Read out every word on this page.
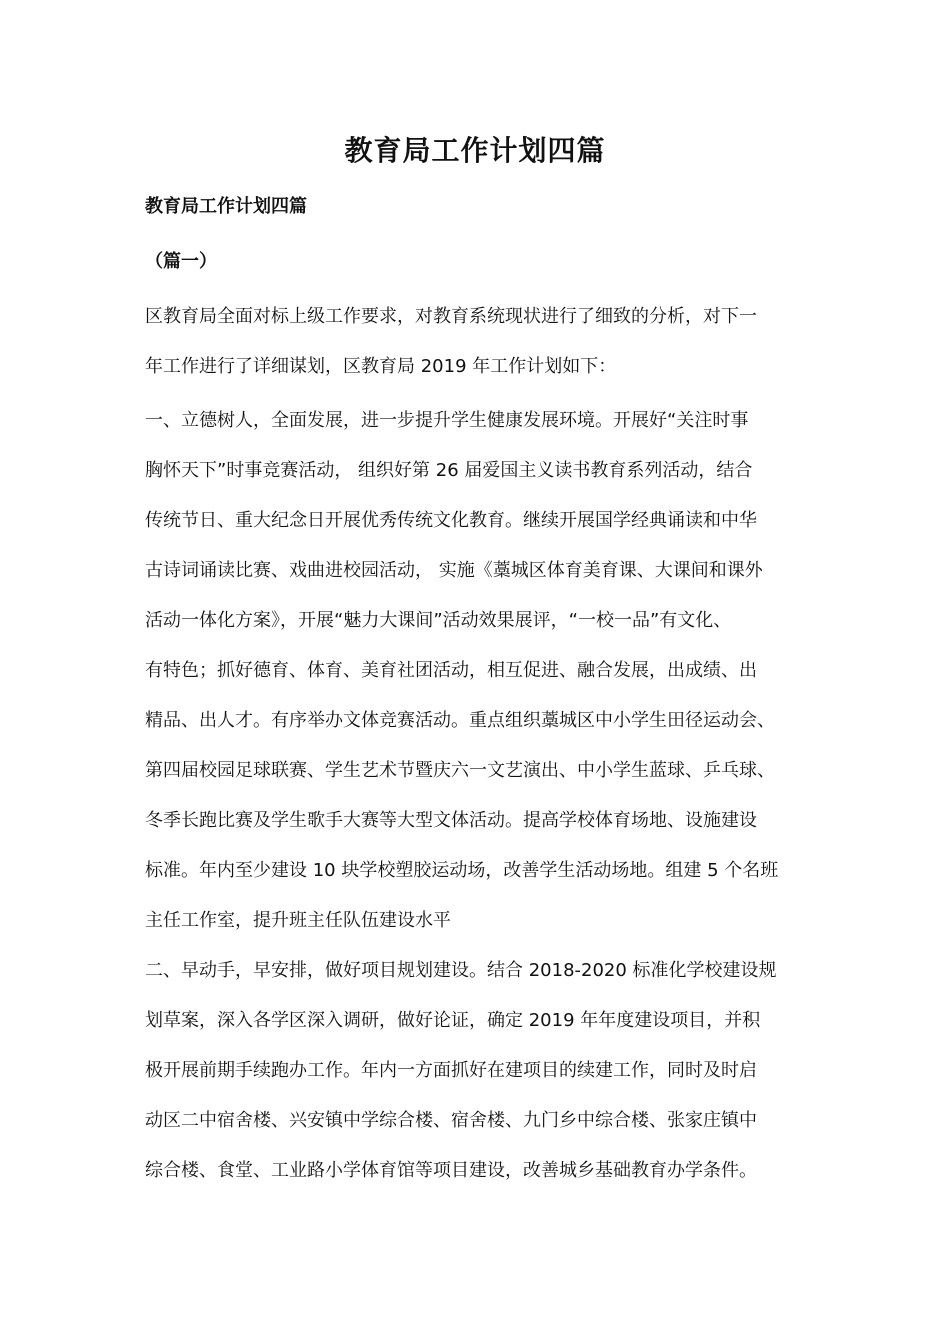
教育局工作计划四篇
教育局工作计划四篇
（篇一）
区教育局全面对标上级工作要求，对教育系统现状进行了细致的分析，对下一
年工作进行了详细谋划，区教育局 2019 年工作计划如下：
一、立德树人，全面发展，进一步提升学生健康发展环境。开展好“关注时事
胸怀天下”时事竞赛活动， 组织好第 26 届爱国主义读书教育系列活动，结合
传统节日、重大纪念日开展优秀传统文化教育。继续开展国学经典诵读和中华
古诗词诵读比赛、戏曲进校园活动， 实施《藁城区体育美育课、大课间和课外
活动一体化方案》，开展“魅力大课间”活动效果展评，“一校一品”有文化、
有特色；抓好德育、体育、美育社团活动，相互促进、融合发展，出成绩、出
精品、出人才。有序举办文体竞赛活动。重点组织藁城区中小学生田径运动会、
第四届校园足球联赛、学生艺术节暨庆六一文艺演出、中小学生蓝球、乒乓球、
冬季长跑比赛及学生歌手大赛等大型文体活动。提高学校体育场地、设施建设
标准。年内至少建设 10 块学校塑胶运动场，改善学生活动场地。组建 5 个名班
主任工作室，提升班主任队伍建设水平
二、早动手，早安排，做好项目规划建设。结合 2018-2020 标准化学校建设规
划草案，深入各学区深入调研，做好论证，确定 2019 年年度建设项目，并积
极开展前期手续跑办工作。年内一方面抓好在建项目的续建工作，同时及时启
动区二中宿舍楼、兴安镇中学综合楼、宿舍楼、九门乡中综合楼、张家庄镇中
综合楼、食堂、工业路小学体育馆等项目建设，改善城乡基础教育办学条件。
